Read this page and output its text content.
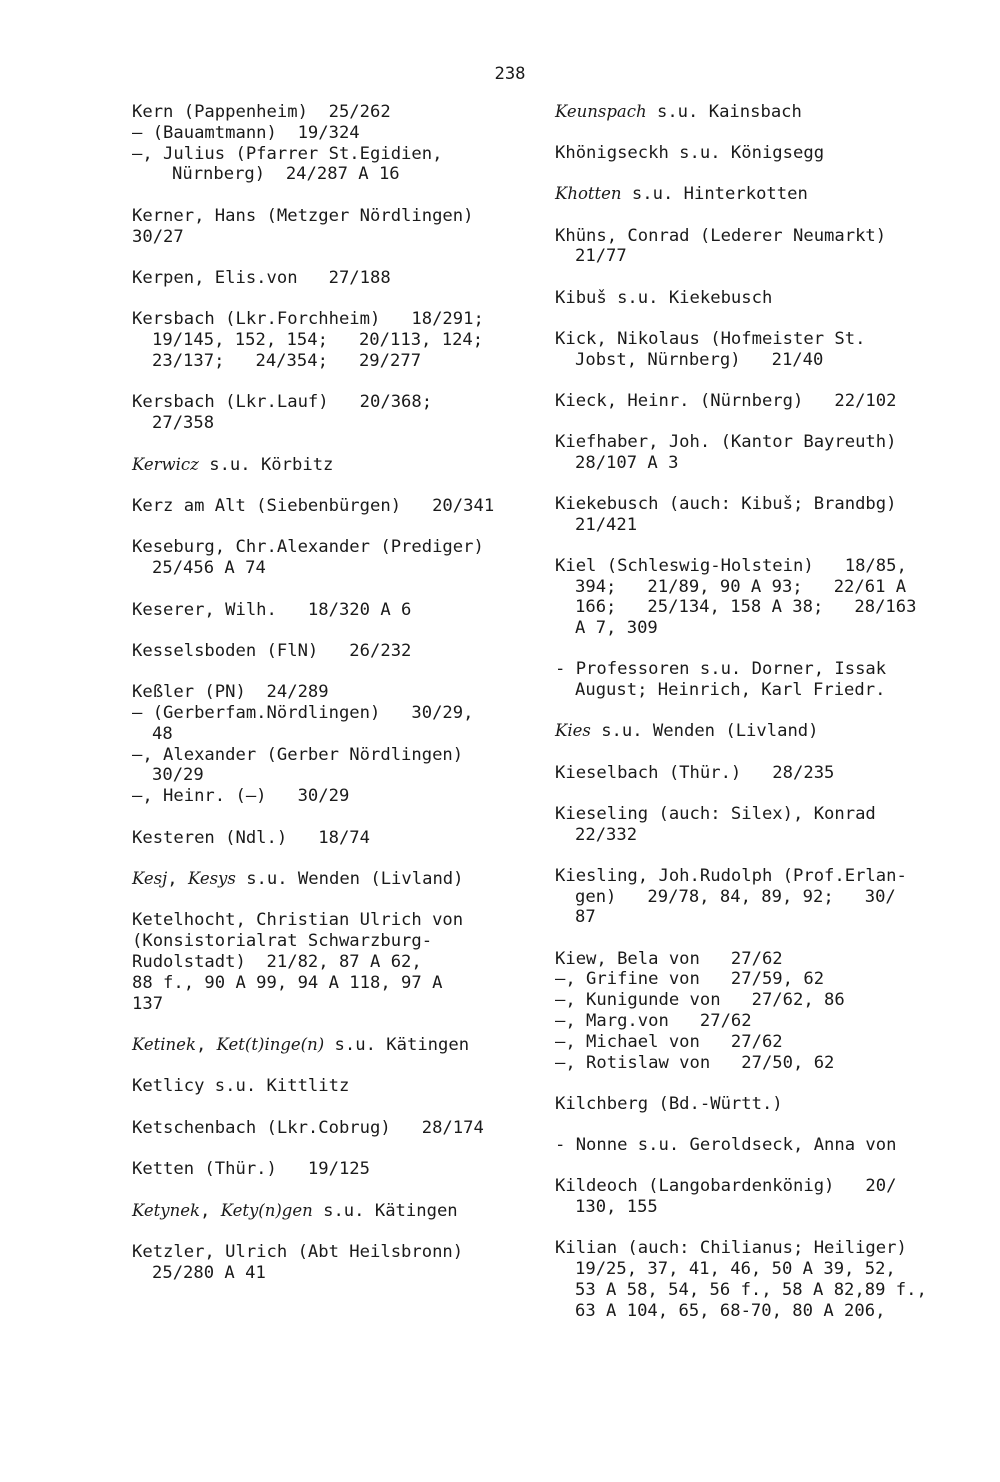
238
Kern (Pappenheim)  25/262
— (Bauamtmann)  19/324
—, Julius (Pfarrer St.Egidien,
Nürnberg)  24/287 A 16
Kerner, Hans (Metzger Nördlingen)
30/27
Kerpen, Elis.von   27/188
Kersbach (Lkr.Forchheim)   18/291;
19/145, 152, 154;   20/113, 124;
23/137;   24/354;   29/277
Kersbach (Lkr.Lauf)   20/368;
27/358
Kerwicz s.u. Körbitz
Kerz am Alt (Siebenbürgen)   20/341
Keseburg, Chr.Alexander (Prediger)
25/456 A 74
Keserer, Wilh.   18/320 A 6
Kesselsboden (FlN)   26/232
Keßler (PN)  24/289
— (Gerberfam.Nördlingen)   30/29,
48
—, Alexander (Gerber Nördlingen)
30/29
—, Heinr. (—)   30/29
Kesteren (Ndl.)   18/74
Kesj, Kesys s.u. Wenden (Livland)
Ketelhocht, Christian Ulrich von
(Konsistorialrat Schwarzburg-
Rudolstadt)  21/82, 87 A 62,
88 f., 90 A 99, 94 A 118, 97 A
137
Ketinek, Ket(t)inge(n) s.u. Kätingen
Ketlicy s.u. Kittlitz
Ketschenbach (Lkr.Cobrug)   28/174
Ketten (Thür.)   19/125
Ketynek, Kety(n)gen s.u. Kätingen
Ketzler, Ulrich (Abt Heilsbronn)
25/280 A 41
Keunspach s.u. Kainsbach
Khönigseckh s.u. Königsegg
Khotten s.u. Hinterkotten
Khüns, Conrad (Lederer Neumarkt)
21/77
Kibuš s.u. Kiekebusch
Kick, Nikolaus (Hofmeister St.
Jobst, Nürnberg)   21/40
Kieck, Heinr. (Nürnberg)   22/102
Kiefhaber, Joh. (Kantor Bayreuth)
28/107 A 3
Kiekebusch (auch: Kibuš; Brandbg)
21/421
Kiel (Schleswig-Holstein)   18/85,
394;   21/89, 90 A 93;   22/61 A
166;   25/134, 158 A 38;   28/163
A 7, 309
- Professoren s.u. Dorner, Issak
August; Heinrich, Karl Friedr.
Kies s.u. Wenden (Livland)
Kieselbach (Thür.)   28/235
Kieseling (auch: Silex), Konrad
22/332
Kiesling, Joh.Rudolph (Prof.Erlan-
gen)   29/78, 84, 89, 92;   30/
87
Kiew, Bela von   27/62
—, Grifine von   27/59, 62
—, Kunigunde von   27/62, 86
—, Marg.von   27/62
—, Michael von   27/62
—, Rotislaw von   27/50, 62
Kilchberg (Bd.-Württ.)
- Nonne s.u. Geroldseck, Anna von
Kildeoch (Langobardenkönig)   20/
130, 155
Kilian (auch: Chilianus; Heiliger)
19/25, 37, 41, 46, 50 A 39, 52,
53 A 58, 54, 56 f., 58 A 82,89 f.,
63 A 104, 65, 68-70, 80 A 206,
